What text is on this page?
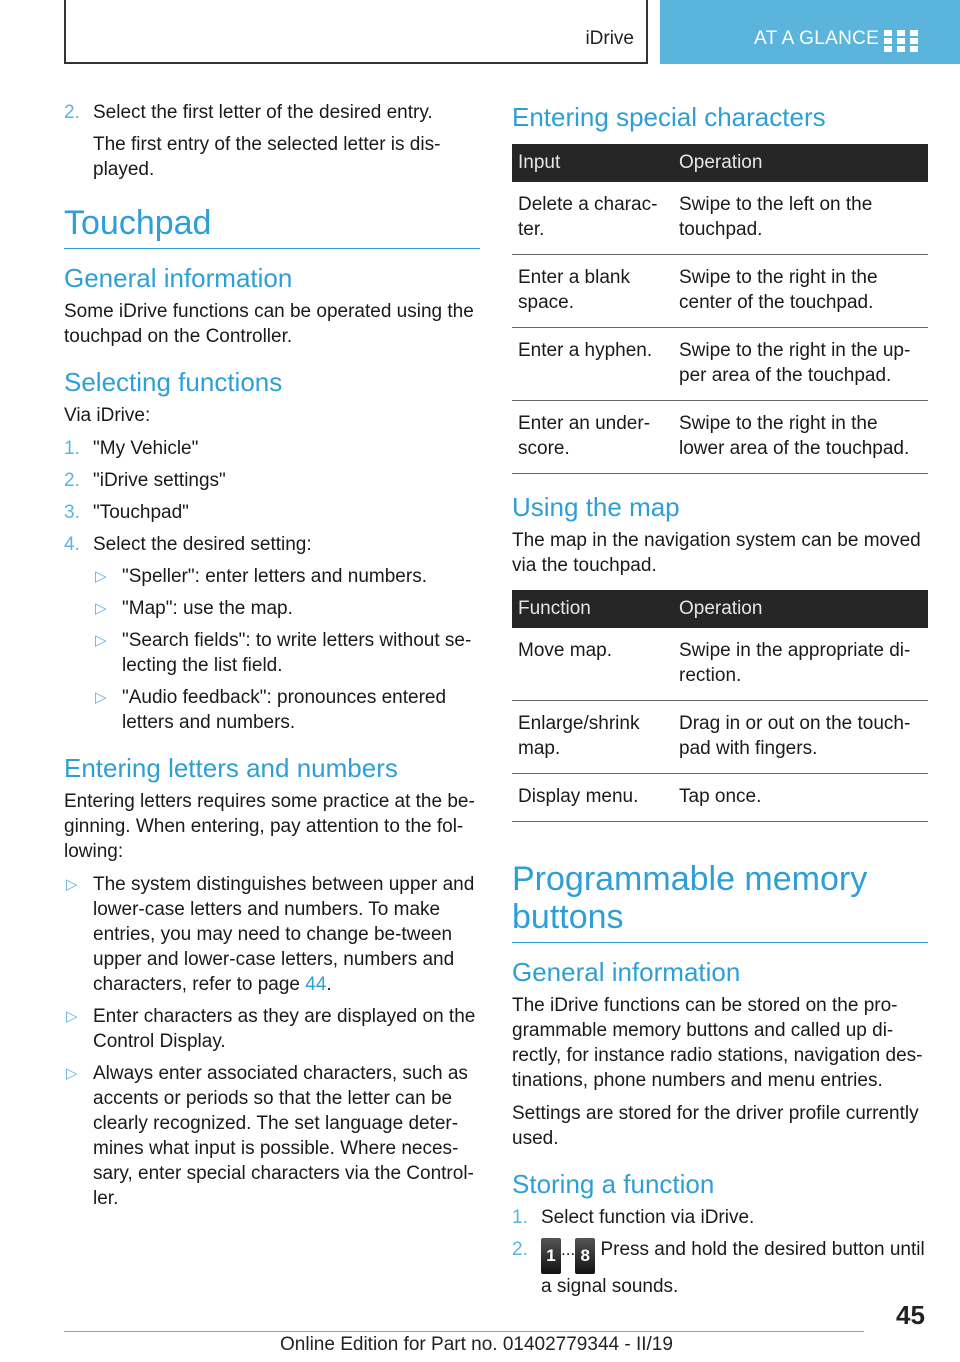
iDrive	AT A GLANCE
2. Select the first letter of the desired entry.
The first entry of the selected letter is dis-played.
Touchpad
General information

Some iDrive functions can be operated using the touchpad on the Controller.

Selecting functions

Via iDrive:

1. "My Vehicle"
2. "iDrive settings"
3. "Touchpad"
4. Select the desired setting:
▷ "Speller": enter letters and numbers.
▷ "Map": use the map.
▷ "Search fields": to write letters without se-lecting the list field.
▷ "Audio feedback": pronounces entered letters and numbers.
Entering letters and numbers

Entering letters requires some practice at the be-ginning. When entering, pay attention to the fol-lowing:

▷ The system distinguishes between upper and lower-case letters and numbers. To make entries, you may need to change be-tween upper and lower-case letters, numbers and characters, refer to page 44.
▷ Enter characters as they are displayed on the Control Display.
▷ Always enter associated characters, such as accents or periods so that the letter can be clearly recognized. The set language deter-mines what input is possible. Where neces-sary, enter special characters via the Control-ler.
Entering special characters
Input	Operation
Delete a charac-ter.	Swipe to the left on the touchpad.
Enter a blank space.	Swipe to the right in the center of the touchpad.
Enter a hyphen.	Swipe to the right in the up-per area of the touchpad.
Enter an under-score.	Swipe to the right in the lower area of the touchpad.
Using the map

The map in the navigation system can be moved via the touchpad.

Function	Operation
Move map.	Swipe in the appropriate di-rection.
Enlarge/shrink map.	Drag in or out on the touch-pad with fingers.
Display menu.	Tap once.
Programmable memory buttons
General information

The iDrive functions can be stored on the pro-grammable memory buttons and called up di-rectly, for instance radio stations, navigation des-tinations, phone numbers and menu entries.

Settings are stored for the driver profile currently used.

Storing a function
1. Select function via iDrive.
2. 1 ... 8 Press and hold the desired button until a signal sounds.
45
Online Edition for Part no. 01402779344 - II/19
